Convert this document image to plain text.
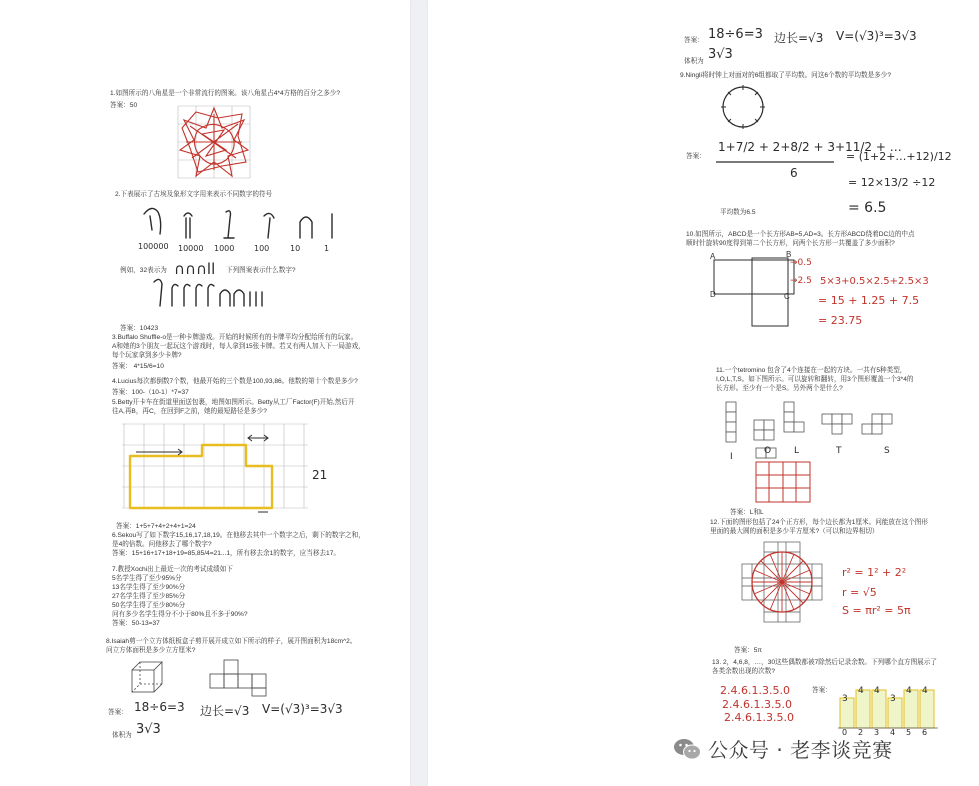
1.如图所示的八角星是一个非常流行的图案。该八角星占4*4方格的百分之多少?
答案：50
2.下表展示了古埃及象形文字用来表示不同数字的符号
100000 10000 1000 100	10	1
例如，32表示为 ∩∩∩ll 下列图案表示什么数字?
答案：10423
3.Buffalo Shuffle-o是一种卡牌游戏。开始的时候所有的卡牌平均分配给所有的玩家。
A和她的3个朋友一起玩这个游戏时，每人拿到15张卡牌。若又有两人加入下一局游戏，
每个玩家拿到多少卡牌?
答案： 4*15/6=10
4.Lucius每次都倒数7个数，他最开始的三个数是100,93,86。他数的第十个数是多少?
答案：100-（10-1）*7=37
5.Betty开卡车在街道里面送包裹，地图如图所示。Betty从工厂Factor(F)开始,然后开
往A,再B，再C，在回到F之前，她的最短路径是多少?
21
答案：1+5+7+4+2+4+1=24
6.Sekou写了如下数字15,16,17,18,19。在他移去其中一个数字之后，剩下的数字之和，
是4的倍数。问他移去了哪个数字?
答案：15+16+17+18+19=85,85/4=21...1，所有移去余1的数字，应当移去17。
7.教授Xochi出上最近一次的考试成绩如下
5名学生得了至少95%分
13名学生得了至少90%分
27名学生得了至少85%分
50名学生得了至少80%分
问有多少名学生得分不小于80%且不多于90%?
答案：50-13=37
8.Isaiah剪一个立方体纸板盒子剪开展开成立如下所示的样子，展开图面积为18cm^2。
问立方体面积是多少立方厘米?
答案： 18÷6=3 边长=√3 V=(√3)³=3√3
体积为 3√3
答案： 18÷6=3 边长=√3 V=(√3)³=3√3
体积为 3√3
9.Ningli将时钟上对面对的6组都取了平均数。问这6个数的平均数是多少?
答案：
1+7/2 + 2+8/2 + 3+11/2 + …
6
= (1+2+…+12)/12
= 12×13/2 ÷12
= 6.5
平均数为6.5
10.如图所示，ABCD是一个长方形AB=5,AD=3。长方形ABCD绕着DC边的中点
顺时针旋转90度得到第二个长方形，问两个长方形一共覆盖了多少面积?
A	B
D	C
→0.5
→2.5 5×3+0.5×2.5+2.5×3
= 15 + 1.25 + 7.5
= 23.75
11.一个tetromino 包含了4个连接在一起的方块。一共有5种类型，
I,O,L,T,S。如下图所示。可以旋转和翻转，用3个图形覆盖一个3*4的
长方形。至少有一个是S。另外两个是什么?
I
O	L	T	S
答案：L和L
12.下面的图形包括了24个正方形，每个边长都为1厘米。问能放在这个图形
里面的最大圆的面积是多少平方厘米?（可以和边界相切）
r² = 1² + 2²
r = √5
S = πr² = 5π
答案：5π
13. 2，4,6,8，…，30这些偶数都被7除然后记录余数。下列哪个直方图展示了
各类余数出现的次数?
2.4.6.1.3.5.0
2.4.6.1.3.5.0
2.4.6.1.3.5.0
答案：
3
4 4
3
4 4
0 2 3 4 5 6
公众号 · 老李谈竞赛
